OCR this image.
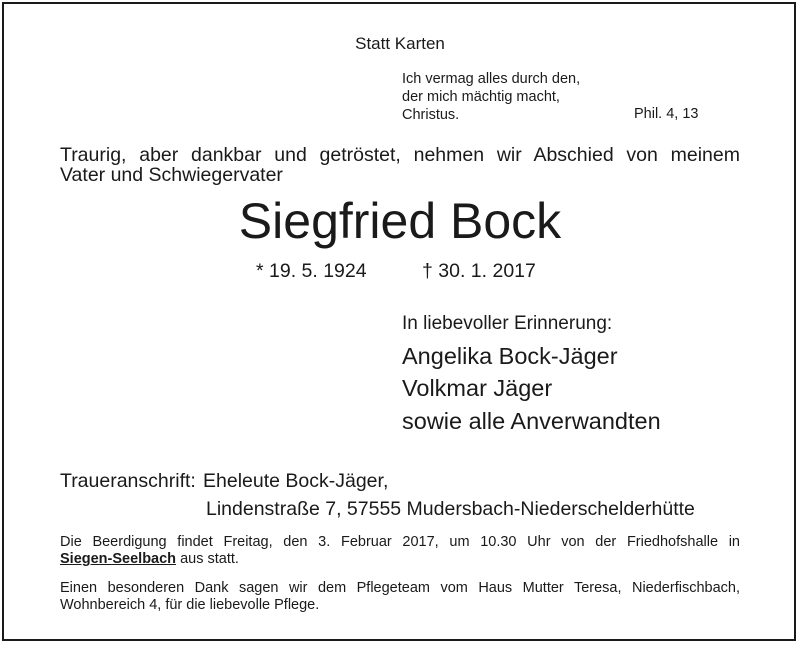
Statt Karten
Ich vermag alles durch den,
der mich mächtig macht,
Christus.	Phil. 4, 13
Traurig, aber dankbar und getröstet, nehmen wir Abschied von meinem
Vater und Schwiegervater
Siegfried Bock
* 19. 5. 1924	† 30. 1. 2017
In liebevoller Erinnerung:
Angelika Bock-Jäger
Volkmar Jäger
sowie alle Anverwandten
Traueranschrift: Eheleute Bock-Jäger,
Lindenstraße 7, 57555 Mudersbach-Niederschelderhütte
Die Beerdigung findet Freitag, den 3. Februar 2017, um 10.30 Uhr von der Friedhofshalle in
Siegen-Seelbach aus statt.
Einen besonderen Dank sagen wir dem Pflegeteam vom Haus Mutter Teresa, Niederfischbach,
Wohnbereich 4, für die liebevolle Pflege.
